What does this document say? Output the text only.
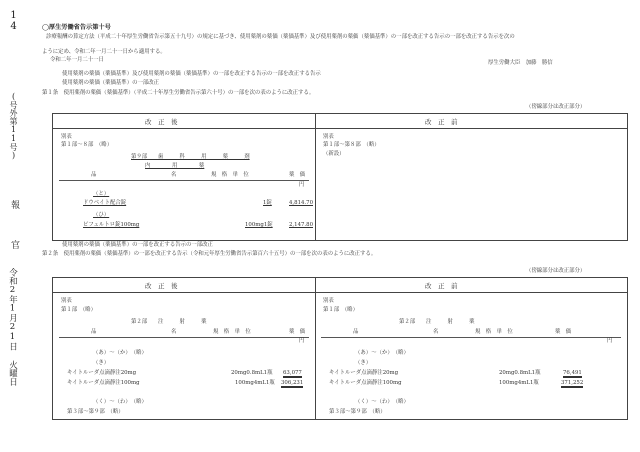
14
(号外第11号)
報
官
令和2年1月21日 火曜日
◯厚生労働省告示第十号
診療報酬の算定方法（平成二十年厚生労働省告示第五十九号）の規定に基づき、使用薬剤の薬価（薬価基準）及び使用薬剤の薬価（薬価基準）の一部を改正する告示の一部を改正する告示を次の
ように定め、令和二年一月二十一日から適用する。
令和二年一月二十一日	厚生労働大臣　加藤　勝信
使用薬剤の薬価（薬価基準）及び使用薬剤の薬価（薬価基準）の一部を改正する告示の一部を改正する告示
使用薬剤の薬価（薬価基準）の一部改正
第１条　使用薬剤の薬価（薬価基準）（平成二十年厚生労働省告示第六十号）の一部を次の表のように改正する。
（傍線部分は改正部分）
改　正　後	改　正　前
別表
第１部～８部　（略）
第９部　　歯　　　科　　　用　　　薬　　　剤
内　　　　用　　　　薬
品	名	規　格　単　位	薬　価
円
（と）
ドウベイト配合錠	1錠	4,814.70
（ひ）
ピフェルトロ錠100mg	100mg1錠	2,147.80
別表
第１部～第８部　（略）
（新設）
使用薬剤の薬価（薬価基準）の一部を改正する告示の一部改正
第２条　使用薬剤の薬価（薬価基準）の一部を改正する告示（令和元年厚生労働省告示第百六十五号）の一部を次の表のように改正する。
（傍線部分は改正部分）
改　正　後	改　正　前
別表
第１部　（略）
第２部　　注　　　射　　　薬
品	名	規　格　単　位	薬　価
円
（あ）～（か）　（略）
（き）
キイトルーダ点滴静注20mg	20mg0.8mL1瓶 63,077
キイトルーダ点滴静注100mg	100mg4mL1瓶 306,231
（く）～（わ）　（略）
第３部～第９部　（略）
別表
第１部　（略）
第２部　　注　　　射　　　薬
品	名	規　格　単　位	薬　価
円
（あ）～（か）　（略）
（き）
キイトルーダ点滴静注20mg	20mg0.8mL1瓶	76,491
キイトルーダ点滴静注100mg	100mg4mL1瓶	371,252
（く）～（わ）　（略）
第３部～第９部　（略）
